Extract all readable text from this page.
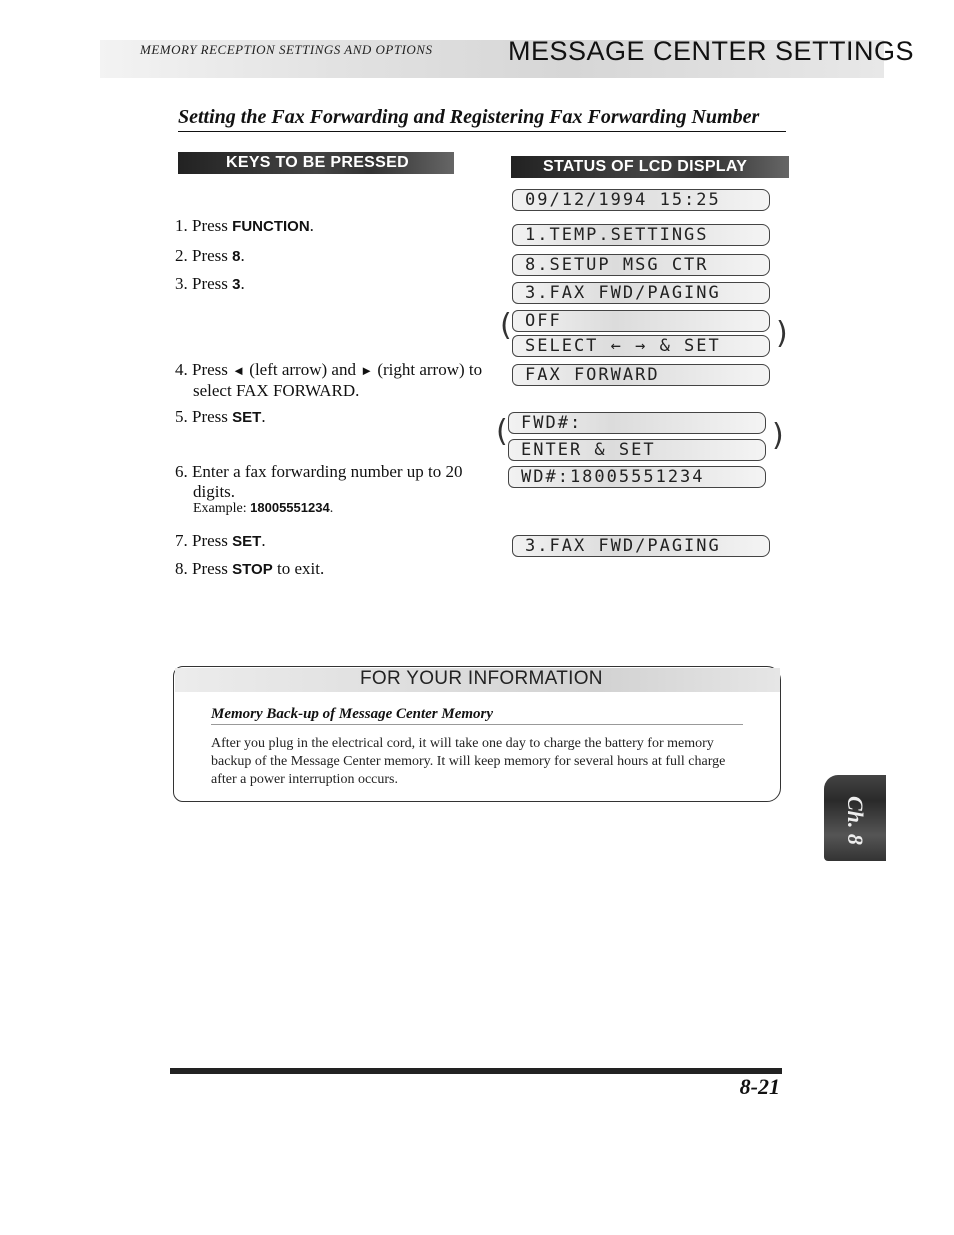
MEMORY RECEPTION SETTINGS AND OPTIONS	MESSAGE CENTER SETTINGS
Setting the Fax Forwarding and Registering Fax Forwarding Number
KEYS TO BE PRESSED	STATUS OF LCD DISPLAY
1. Press FUNCTION.
2. Press 8.
3. Press 3.
4. Press ◄ (left arrow) and ► (right arrow) to select FAX FORWARD.
5. Press SET.
6. Enter a fax forwarding number up to 20 digits.
Example: 18005551234.
7. Press SET.
8. Press STOP to exit.
09/12/1994 15:25
1.TEMP.SETTINGS
8.SETUP MSG CTR
3.FAX FWD/PAGING
( OFF
SELECT ← → & SET	)
FAX FORWARD
( FWD#:
ENTER & SET	)
WD#:18005551234
3.FAX FWD/PAGING
FOR YOUR INFORMATION
Memory Back-up of Message Center Memory
After you plug in the electrical cord, it will take one day to charge the battery for memory backup of the Message Center memory. It will keep memory for several hours at full charge after a power interruption occurs.
Ch. 8
8-21
